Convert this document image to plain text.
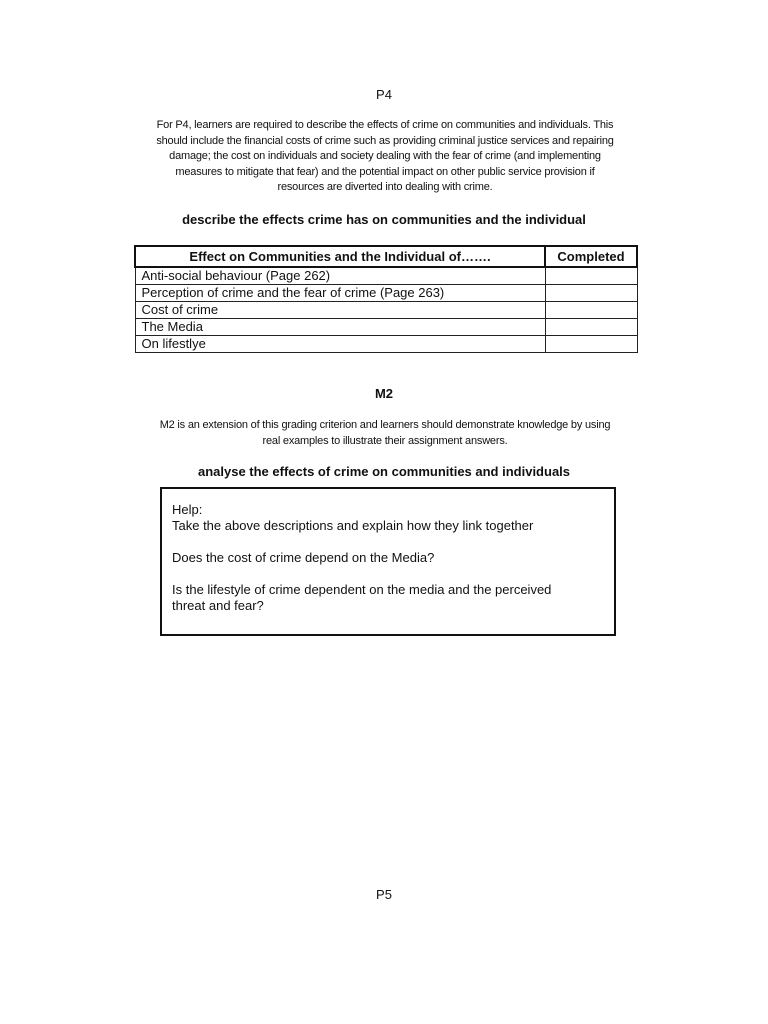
P4
For P4, learners are required to describe the effects of crime on communities and individuals. This
should include the financial costs of crime such as providing criminal justice services and repairing
damage; the cost on individuals and society dealing with the fear of crime (and implementing
measures to mitigate that fear) and the potential impact on other public service provision if
resources are diverted into dealing with crime.
describe the effects crime has on communities and the individual
Effect on Communities and the Individual of…….	Completed
Anti-social behaviour (Page 262)	
Perception of crime and the fear of crime (Page 263)	
Cost of crime	
The Media	
On lifestlye	
M2
M2 is an extension of this grading criterion and learners should demonstrate knowledge by using
real examples to illustrate their assignment answers.
analyse the effects of crime on communities and individuals

Help:

Take the above descriptions and explain how they link together

Does the cost of crime depend on the Media?

Is the lifestyle of crime dependent on the media and the perceived

threat and fear?

P5
